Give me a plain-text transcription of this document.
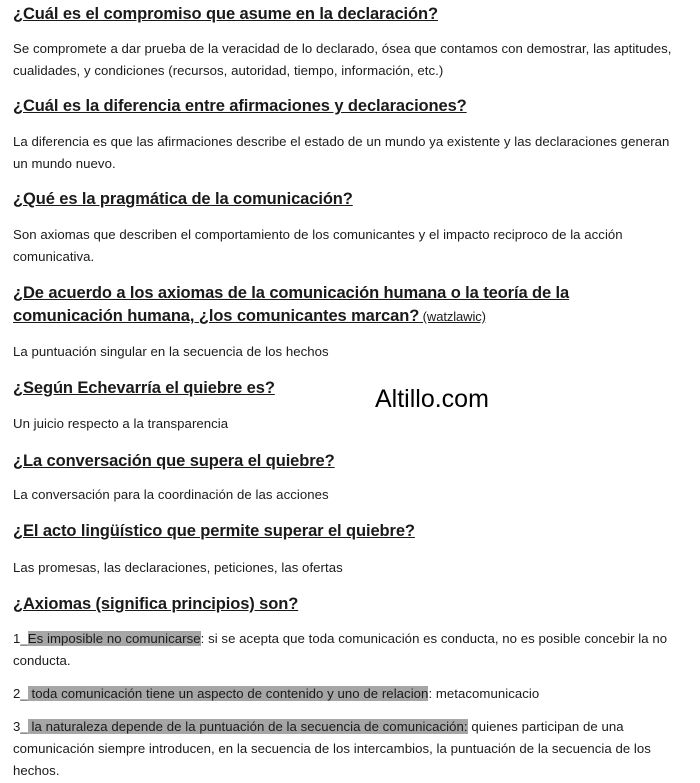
¿Cuál es el compromiso que asume en la declaración?

Se compromete a dar prueba de la veracidad de lo declarado, ósea que contamos con demostrar, las aptitudes, cualidades, y condiciones (recursos, autoridad, tiempo, información, etc.)

¿Cuál es la diferencia entre afirmaciones y declaraciones?

La diferencia es que las afirmaciones describe el estado de un mundo ya existente y las declaraciones generan un mundo nuevo.

¿Qué es la pragmática de la comunicación?

Son axiomas que describen el comportamiento de los comunicantes y el impacto reciproco de la acción comunicativa.

¿De acuerdo a los axiomas de la comunicación humana o la teoría de la comunicación humana, ¿los comunicantes marcan? (watzlawic)

La puntuación singular en la secuencia de los hechos

¿Según Echevarría el quiebre es?

Un juicio respecto a la transparencia

¿La conversación que supera el quiebre?

La conversación para la coordinación de las acciones

¿El acto lingüístico que permite superar el quiebre?

Las promesas, las declaraciones, peticiones, las ofertas

¿Axiomas (significa principios) son?

1_Es imposible no comunicarse: si se acepta que toda comunicación es conducta, no es posible concebir la no conducta.

2_ toda comunicación tiene un aspecto de contenido y uno de relacion: metacomunicacio

3_ la naturaleza depende de la puntuación de la secuencia de comunicación: quienes participan de una comunicación siempre introducen, en la secuencia de los intercambios, la puntuación de la secuencia de los hechos.

Altillo.com
